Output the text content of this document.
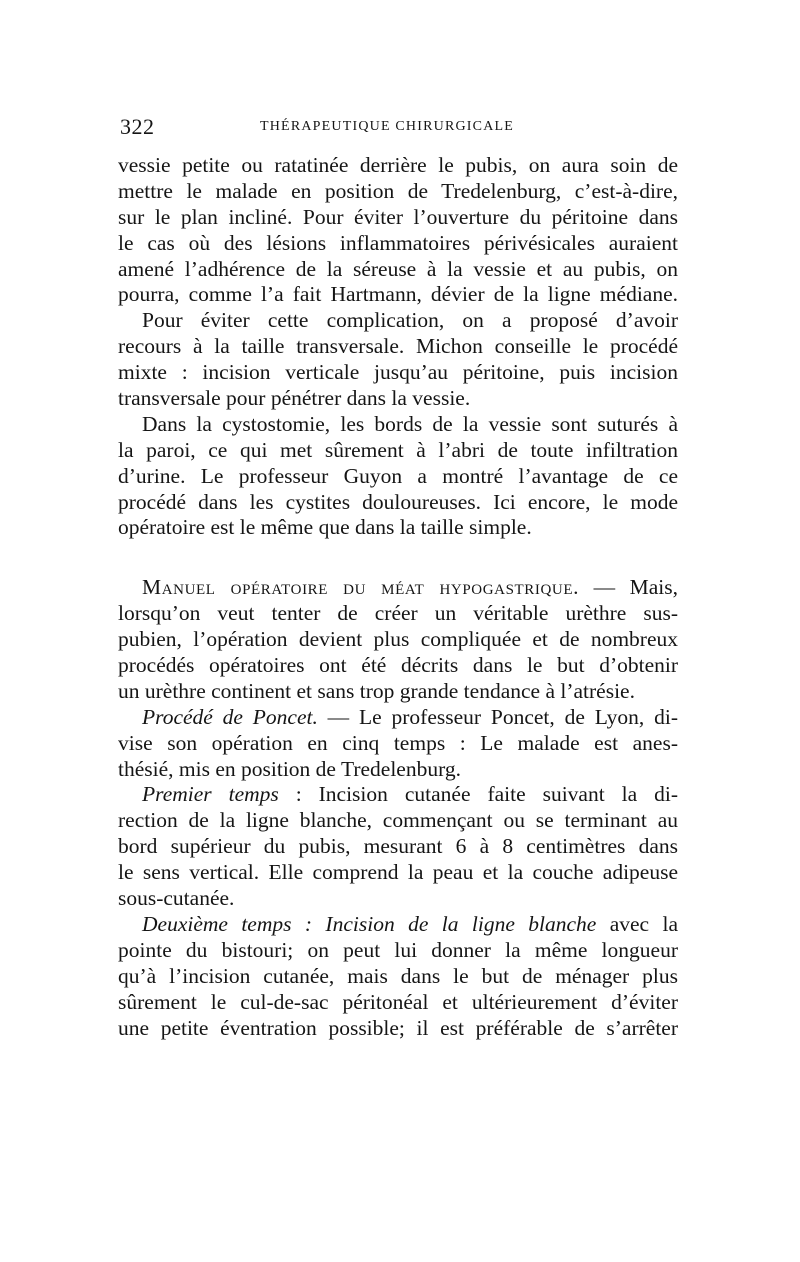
322	THÉRAPEUTIQUE CHIRURGICALE
vessie petite ou ratatinée derrière le pubis, on aura soin de
mettre le malade en position de Tredelenburg, c’est-à-dire,
sur le plan incliné. Pour éviter l’ouverture du péritoine dans
le cas où des lésions inflammatoires périvésicales auraient
amené l’adhérence de la séreuse à la vessie et au pubis, on
pourra, comme l’a fait Hartmann, dévier de la ligne médiane.
Pour éviter cette complication, on a proposé d’avoir
recours à la taille transversale. Michon conseille le procédé
mixte : incision verticale jusqu’au péritoine, puis incision
transversale pour pénétrer dans la vessie.
Dans la cystostomie, les bords de la vessie sont suturés à
la paroi, ce qui met sûrement à l’abri de toute infiltration
d’urine. Le professeur Guyon a montré l’avantage de ce
procédé dans les cystites douloureuses. Ici encore, le mode
opératoire est le même que dans la taille simple.
Manuel opératoire du méat hypogastrique. — Mais,
lorsqu’on veut tenter de créer un véritable urèthre sus-
pubien, l’opération devient plus compliquée et de nombreux
procédés opératoires ont été décrits dans le but d’obtenir
un urèthre continent et sans trop grande tendance à l’atrésie.
Procédé de Poncet. — Le professeur Poncet, de Lyon, di-
vise son opération en cinq temps : Le malade est anes-
thésié, mis en position de Tredelenburg.
Premier temps : Incision cutanée faite suivant la di-
rection de la ligne blanche, commençant ou se terminant au
bord supérieur du pubis, mesurant 6 à 8 centimètres dans
le sens vertical. Elle comprend la peau et la couche adipeuse
sous-cutanée.
Deuxième temps : Incision de la ligne blanche avec la
pointe du bistouri; on peut lui donner la même longueur
qu’à l’incision cutanée, mais dans le but de ménager plus
sûrement le cul-de-sac péritonéal et ultérieurement d’éviter
une petite éventration possible; il est préférable de s’arrêter
